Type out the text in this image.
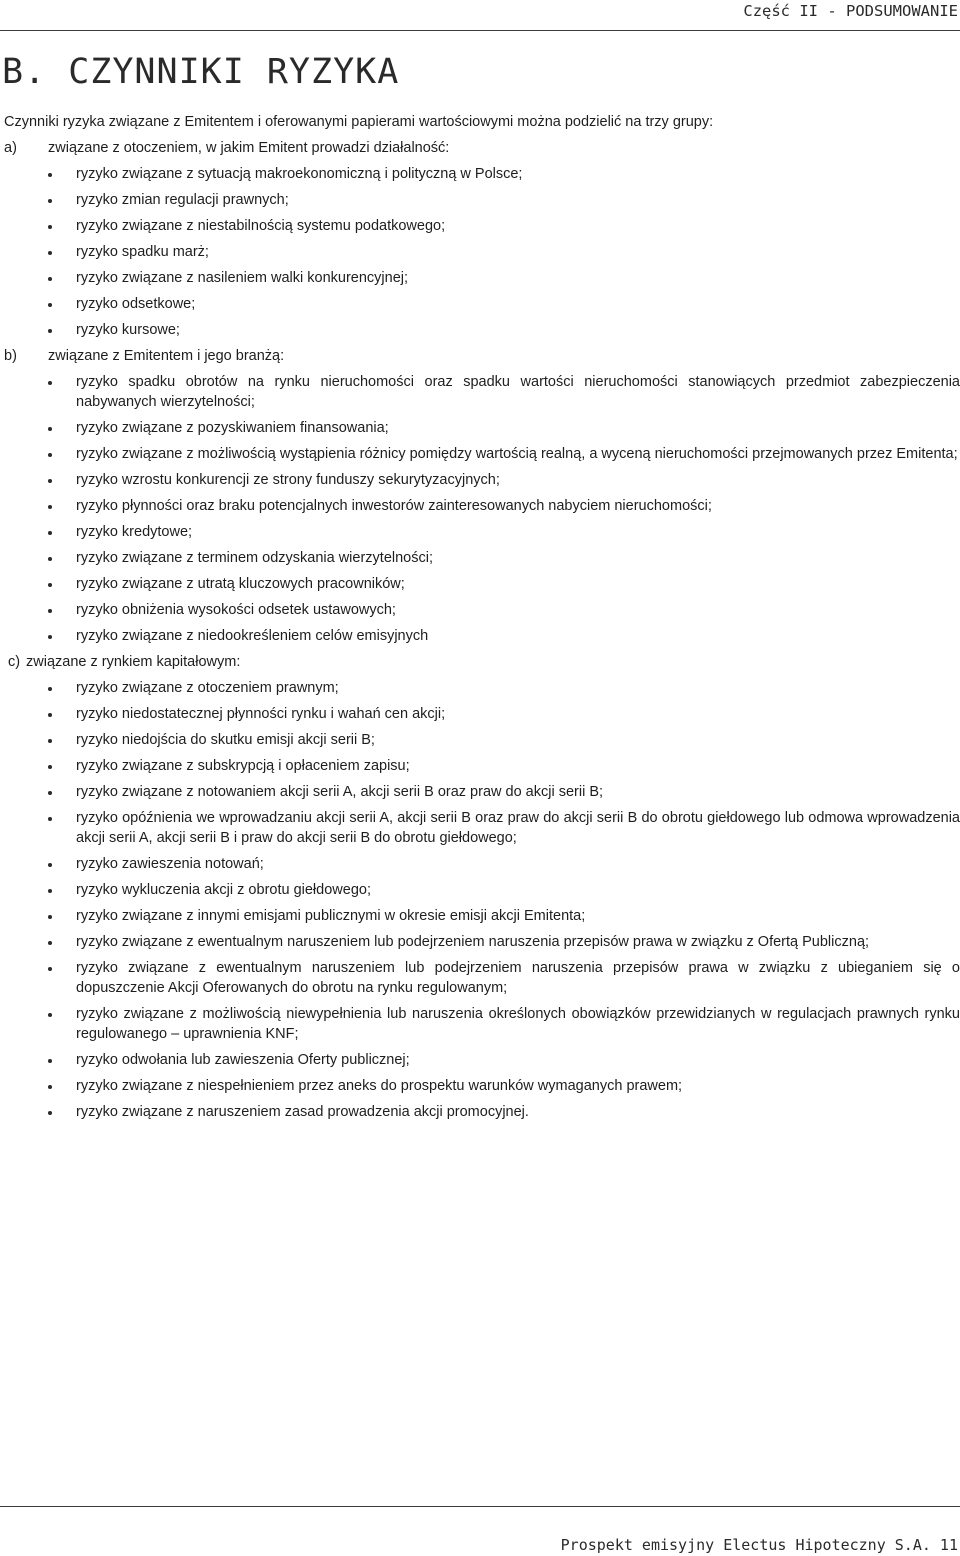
Część II - PODSUMOWANIE
B. CZYNNIKI RYZYKA

Czynniki ryzyka związane z Emitentem i oferowanymi papierami wartościowymi można podzielić na trzy grupy:

a) związane z otoczeniem, w jakim Emitent prowadzi działalność:
ryzyko związane z sytuacją makroekonomiczną i polityczną w Polsce;
ryzyko zmian regulacji prawnych;
ryzyko związane z niestabilnością systemu podatkowego;
ryzyko spadku marż;
ryzyko związane z nasileniem walki konkurencyjnej;
ryzyko odsetkowe;
ryzyko kursowe;
b) związane z Emitentem i jego branżą:
ryzyko spadku obrotów na rynku nieruchomości oraz spadku wartości nieruchomości stanowiących przedmiot zabezpieczenia nabywanych wierzytelności;
ryzyko związane z pozyskiwaniem finansowania;
ryzyko związane z możliwością wystąpienia różnicy pomiędzy wartością realną, a wyceną nieruchomości przejmowanych przez Emitenta;
ryzyko wzrostu konkurencji ze strony funduszy sekurytyzacyjnych;
ryzyko płynności oraz braku potencjalnych inwestorów zainteresowanych nabyciem nieruchomości;
ryzyko kredytowe;
ryzyko związane z terminem odzyskania wierzytelności;
ryzyko związane z utratą kluczowych pracowników;
ryzyko obniżenia wysokości odsetek ustawowych;
ryzyko związane z niedookreśleniem celów emisyjnych
c) związane z rynkiem kapitałowym:
ryzyko związane z otoczeniem prawnym;
ryzyko niedostatecznej płynności rynku i wahań cen akcji;
ryzyko niedojścia do skutku emisji akcji serii B;
ryzyko związane z subskrypcją i opłaceniem zapisu;
ryzyko związane z notowaniem akcji serii A, akcji serii B oraz praw do akcji serii B;
ryzyko opóźnienia we wprowadzaniu akcji serii A, akcji serii B oraz praw do akcji serii B do obrotu giełdowego lub odmowa wprowadzenia akcji serii A, akcji serii B i praw do akcji serii B do obrotu giełdowego;
ryzyko zawieszenia notowań;
ryzyko wykluczenia akcji z obrotu giełdowego;
ryzyko związane z innymi emisjami publicznymi w okresie emisji akcji Emitenta;
ryzyko związane z ewentualnym naruszeniem lub podejrzeniem naruszenia przepisów prawa w związku z Ofertą Publiczną;
ryzyko związane z ewentualnym naruszeniem lub podejrzeniem naruszenia przepisów prawa w związku z ubieganiem się o dopuszczenie Akcji Oferowanych do obrotu na rynku regulowanym;
ryzyko związane z możliwością niewypełnienia lub naruszenia określonych obowiązków przewidzianych w regulacjach prawnych rynku regulowanego – uprawnienia KNF;
ryzyko odwołania lub zawieszenia Oferty publicznej;
ryzyko związane z niespełnieniem przez aneks do prospektu warunków wymaganych prawem;
ryzyko związane z naruszeniem zasad prowadzenia akcji promocyjnej.
Prospekt emisyjny Electus Hipoteczny S.A. 11
